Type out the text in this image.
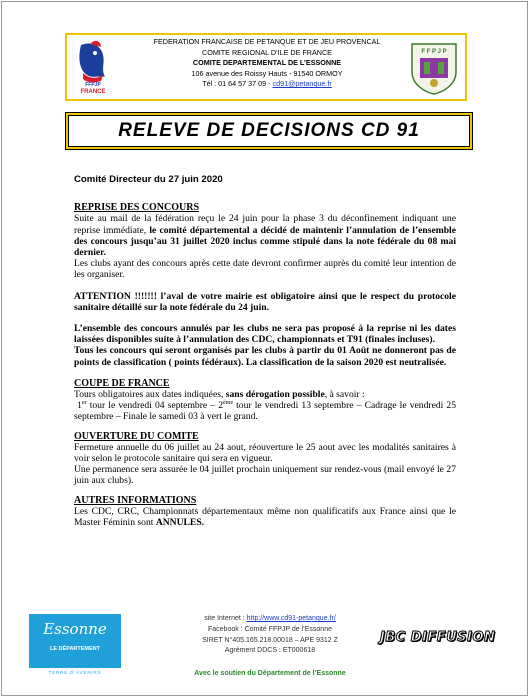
FFPJP
FRANCE
FEDERATION FRANCAISE DE PETANQUE ET DE JEU PROVENCAL
COMITE REGIONAL D’ILE DE FRANCE
COMITE DEPARTEMENTAL DE L’ESSONNE
106 avenue des Roissy Hauts - 91540 ORMOY
Tél : 01 64 57 37 09 - cd91@petanque.fr
F F P J P
RELEVE DE DECISIONS CD 91
Comité Directeur du 27 juin 2020
REPRISE DES CONCOURS

Suite au mail de la fédération reçu le 24 juin pour la phase 3 du déconfinement indiquant une reprise immédiate, le comité départemental a décidé de maintenir l’annulation de l’ensemble des concours jusqu’au 31 juillet 2020 inclus comme stipulé dans la note fédérale du 08 mai dernier.

Les clubs ayant des concours après cette date devront confirmer auprès du comité leur intention de les organiser.

ATTENTION !!!!!!! l’aval de votre mairie est obligatoire ainsi que le respect du protocole sanitaire détaillé sur la note fédérale du 24 juin.

L’ensemble des concours annulés par les clubs ne sera pas proposé à la reprise ni les dates laissées disponibles suite à l’annulation des CDC, championnats et T91 (finales incluses).

Tous les concours qui seront organisés par les clubs à partir du 01 Août ne donneront pas de points de classification ( points fédéraux). La classification de la saison 2020 est neutralisée.

COUPE DE FRANCE

Tours obligatoires aux dates indiquées, sans dérogation possible, à savoir :

1er tour le vendredi 04 septembre – 2ème tour le vendredi 13 septembre – Cadrage le vendredi 25 septembre – Finale le samedi 03 à vert le grand.

OUVERTURE DU COMITE

Fermeture annuelle du 06 juillet au 24 aout, réouverture le 25 aout avec les modalités sanitaires à voir selon le protocole sanitaire qui sera en vigueur.

Une permanence sera assurée le 04 juillet prochain uniquement sur rendez-vous (mail envoyé le 27 juin aux clubs).

AUTRES INFORMATIONS

Les CDC, CRC, Championnats départementaux même non qualificatifs aux France ainsi que le Master Féminin sont ANNULES.

Essonne
LE DÉPARTEMENT
TERRE D’AVENIRS
site Internet : http://www.cd91-petanque.fr/
Facebook : Comité FFPJP de l’Essonne
SIRET N°405.165.218.00018 – APE 9312 Z
Agrément DDCS : ET000618
JBC DIFFUSION
Avec le soutien du Département de l’Essonne
